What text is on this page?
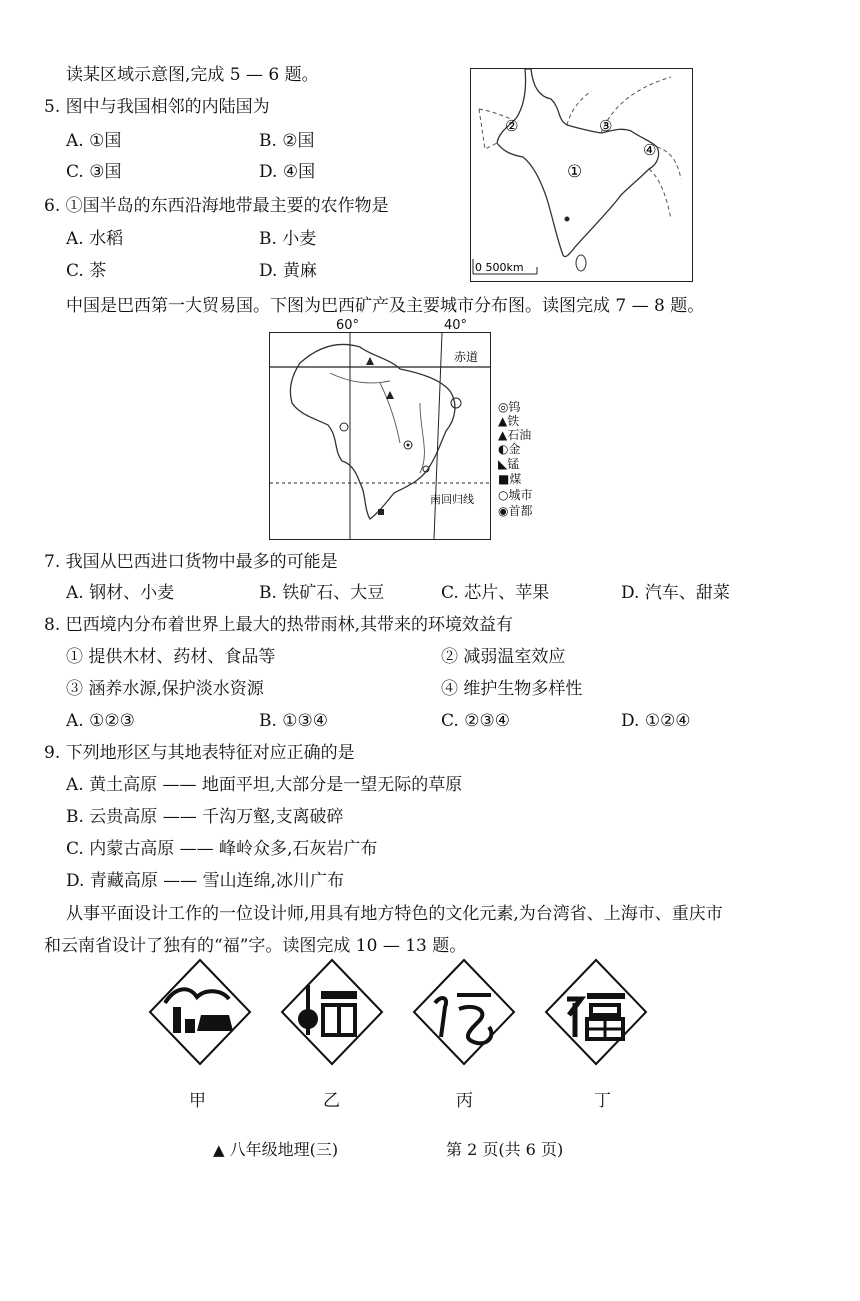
读某区域示意图,完成 5 — 6 题。
5. 图中与我国相邻的内陆国为
A. ①国	B. ②国
C. ③国	D. ④国
6. ①国半岛的东西沿海地带最主要的农作物是
A. 水稻	B. 小麦
C. 茶	D. 黄麻
②	③
④
①
0 500km
中国是巴西第一大贸易国。下图为巴西矿产及主要城市分布图。读图完成 7 — 8 题。
60°	40°
赤道
南回归线
◎钨
▲铁
▲石油
◐金
◣锰
■煤
○城市
◉首都
7. 我国从巴西进口货物中最多的可能是
A. 钢材、小麦	B. 铁矿石、大豆	C. 芯片、苹果	D. 汽车、甜菜
8. 巴西境内分布着世界上最大的热带雨林,其带来的环境效益有
① 提供木材、药材、食品等	② 减弱温室效应
③ 涵养水源,保护淡水资源	④ 维护生物多样性
A. ①②③	B. ①③④	C. ②③④	D. ①②④
9. 下列地形区与其地表特征对应正确的是
A. 黄土高原 —— 地面平坦,大部分是一望无际的草原
B. 云贵高原 —— 千沟万壑,支离破碎
C. 内蒙古高原 —— 峰岭众多,石灰岩广布
D. 青藏高原 —— 雪山连绵,冰川广布
从事平面设计工作的一位设计师,用具有地方特色的文化元素,为台湾省、上海市、重庆市
和云南省设计了独有的“福”字。读图完成 10 — 13 题。
甲	乙	丙	丁
▲ 八年级地理(三)	第 2 页(共 6 页)
